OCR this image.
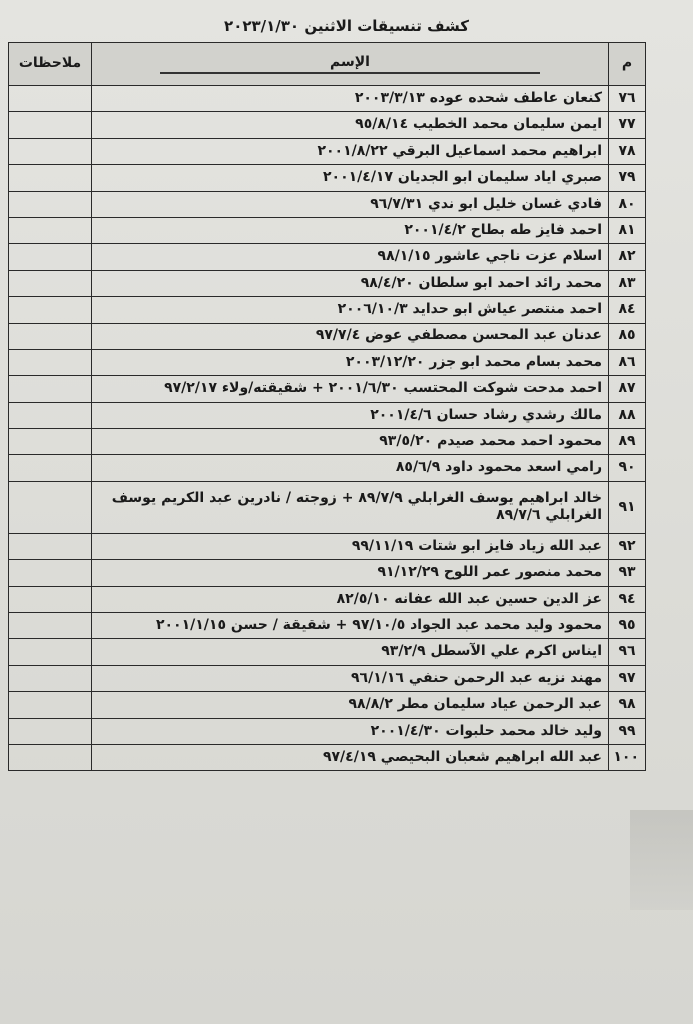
كشف تنسيقات الاثنين ٢٠٢٣/١/٣٠
م	الإسم	ملاحظات
٧٦	كنعان عاطف شحده عوده ٢٠٠٣/٣/١٣	
٧٧	ايمن سليمان محمد الخطيب ٩٥/٨/١٤	
٧٨	ابراهيم محمد اسماعيل البرقي ٢٠٠١/٨/٢٢	
٧٩	صبري اياد سليمان ابو الجديان ٢٠٠١/٤/١٧	
٨٠	فادي غسان خليل ابو ندي ٩٦/٧/٣١	
٨١	احمد فايز طه بطاح ٢٠٠١/٤/٢	
٨٢	اسلام عزت ناجي عاشور ٩٨/١/١٥	
٨٣	محمد رائد احمد ابو سلطان ٩٨/٤/٢٠	
٨٤	احمد منتصر عياش ابو حدايد ٢٠٠٦/١٠/٣	
٨٥	عدنان عبد المحسن مصطفي عوض ٩٧/٧/٤	
٨٦	محمد بسام محمد ابو جزر ٢٠٠٣/١٢/٢٠	
٨٧	احمد مدحت شوكت المحتسب ٢٠٠١/٦/٣٠ + شقيقته/ولاء ٩٧/٢/١٧	
٨٨	مالك رشدي رشاد حسان ٢٠٠١/٤/٦	
٨٩	محمود احمد محمد صيدم ٩٣/٥/٢٠	
٩٠	رامي اسعد محمود داود ٨٥/٦/٩	
٩١	خالد ابراهيم يوسف الغرابلي ٨٩/٧/٩ + زوجته / نادرين عبد الكريم يوسف الغرابلي ٨٩/٧/٦	
٩٢	عبد الله زياد فايز ابو شتات ٩٩/١١/١٩	
٩٣	محمد منصور عمر اللوح ٩١/١٢/٢٩	
٩٤	عز الدين حسين عبد الله عفانه ٨٢/٥/١٠	
٩٥	محمود وليد محمد عبد الجواد ٩٧/١٠/٥ + شقيقة / حسن ٢٠٠١/١/١٥	
٩٦	ايناس اكرم علي الآسطل ٩٣/٢/٩	
٩٧	مهند نزيه عبد الرحمن حنفي ٩٦/١/١٦	
٩٨	عبد الرحمن عياد سليمان مطر ٩٨/٨/٢	
٩٩	وليد خالد محمد حلبوات ٢٠٠١/٤/٣٠	
١٠٠	عبد الله ابراهيم شعبان البحيصي ٩٧/٤/١٩	
